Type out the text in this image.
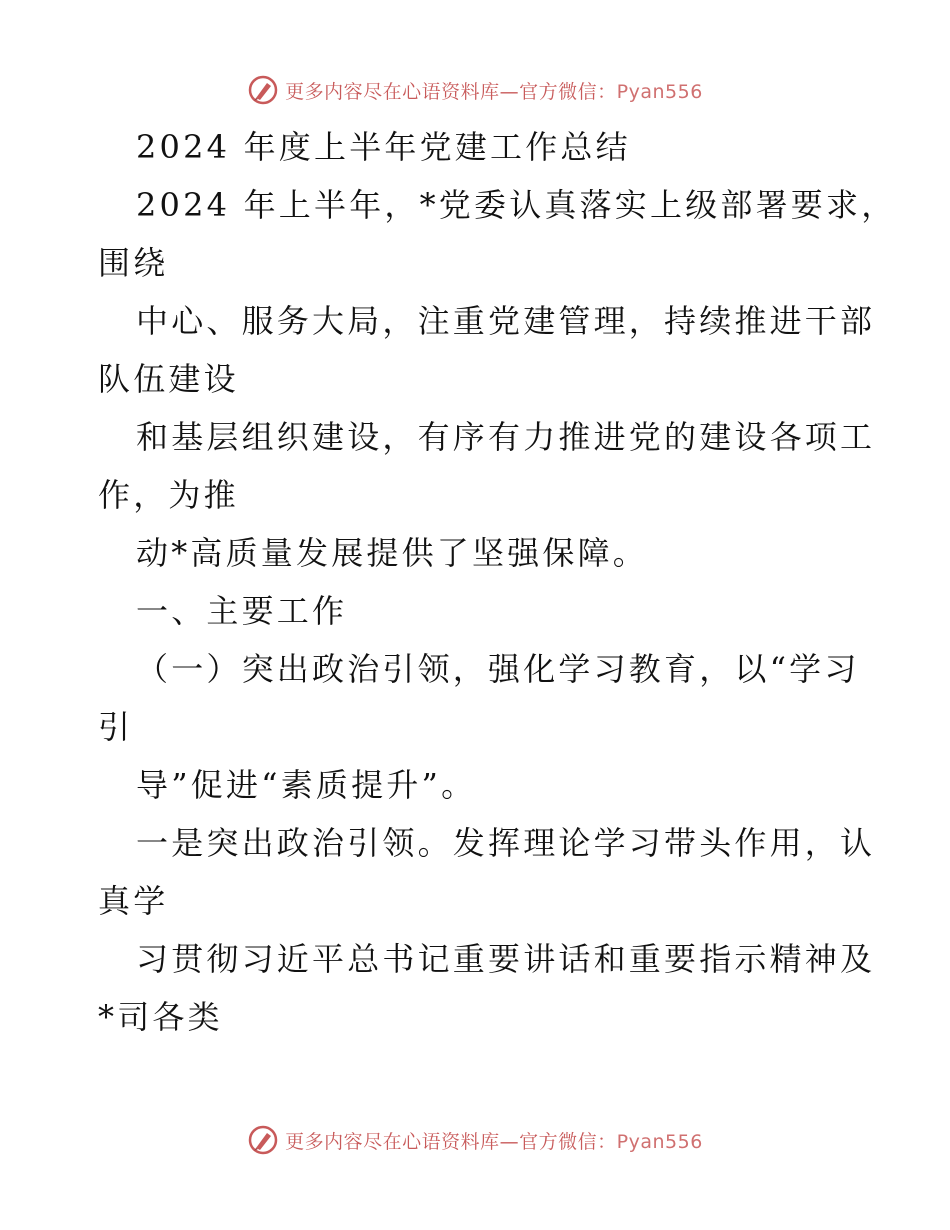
更多内容尽在心语资料库—官方微信：Pyan556
2024 年度上半年党建工作总结
2024 年上半年，*党委认真落实上级部署要求，
围绕
中心、服务大局，注重党建管理，持续推进干部
队伍建设
和基层组织建设，有序有力推进党的建设各项工
作，为推
动*高质量发展提供了坚强保障。
一、主要工作
（一）突出政治引领，强化学习教育，以“学习
引
导”促进“素质提升”。
一是突出政治引领。发挥理论学习带头作用，认
真学
习贯彻习近平总书记重要讲话和重要指示精神及
*司各类
更多内容尽在心语资料库—官方微信：Pyan556
